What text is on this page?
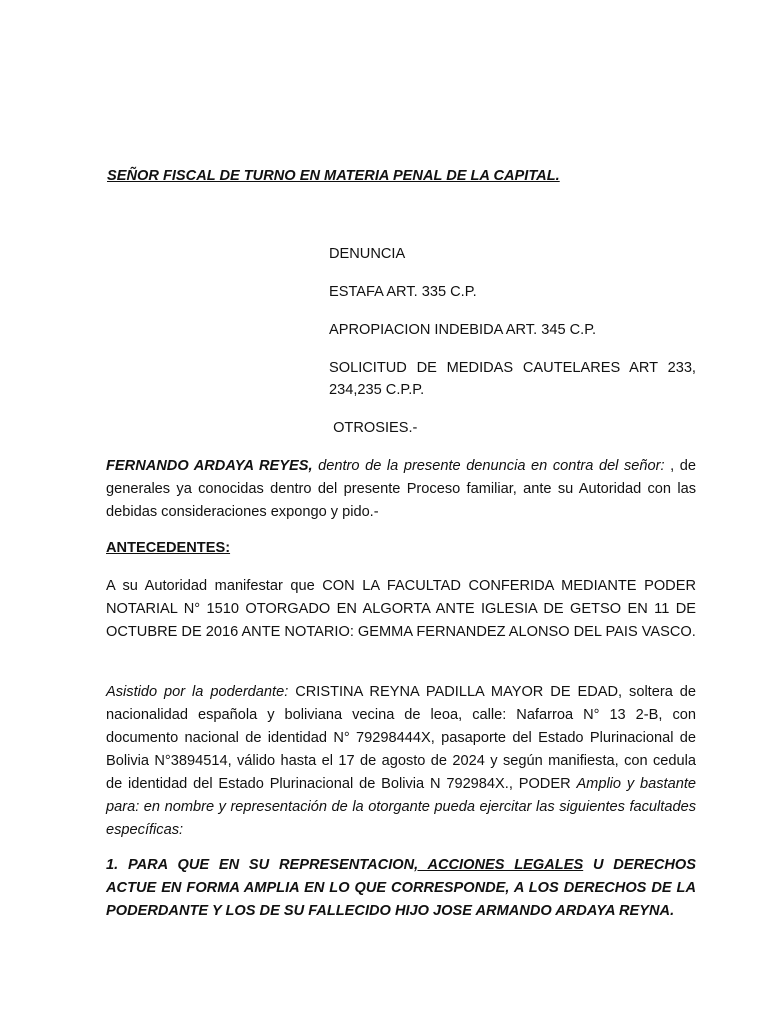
SEÑOR FISCAL DE TURNO EN MATERIA PENAL DE LA CAPITAL.

DENUNCIA

ESTAFA ART. 335 C.P.

APROPIACION INDEBIDA ART. 345 C.P.

SOLICITUD DE MEDIDAS CAUTELARES ART 233, 234,235 C.P.P.

OTROSIES.-

FERNANDO ARDAYA REYES, dentro de la presente denuncia en contra del señor: , de generales ya conocidas dentro del presente Proceso familiar, ante su Autoridad con las debidas consideraciones expongo y pido.-

ANTECEDENTES:

A su Autoridad manifestar que CON LA FACULTAD CONFERIDA MEDIANTE PODER NOTARIAL N° 1510 OTORGADO EN ALGORTA ANTE IGLESIA DE GETSO EN 11 DE OCTUBRE DE 2016 ANTE NOTARIO: GEMMA FERNANDEZ ALONSO DEL PAIS VASCO.

Asistido por la poderdante: CRISTINA REYNA PADILLA MAYOR DE EDAD, soltera de nacionalidad española y boliviana vecina de leoa, calle: Nafarroa N° 13 2-B, con documento nacional de identidad N° 79298444X, pasaporte del Estado Plurinacional de Bolivia N°3894514, válido hasta el 17 de agosto de 2024 y según manifiesta, con cedula de identidad del Estado Plurinacional de Bolivia N 792984X., PODER Amplio y bastante para: en nombre y representación de la otorgante pueda ejercitar las siguientes facultades específicas:

1. PARA QUE EN SU REPRESENTACION, ACCIONES LEGALES U DERECHOS ACTUE EN FORMA AMPLIA EN LO QUE CORRESPONDE, A LOS DERECHOS DE LA PODERDANTE Y LOS DE SU FALLECIDO HIJO JOSE ARMANDO ARDAYA REYNA.
